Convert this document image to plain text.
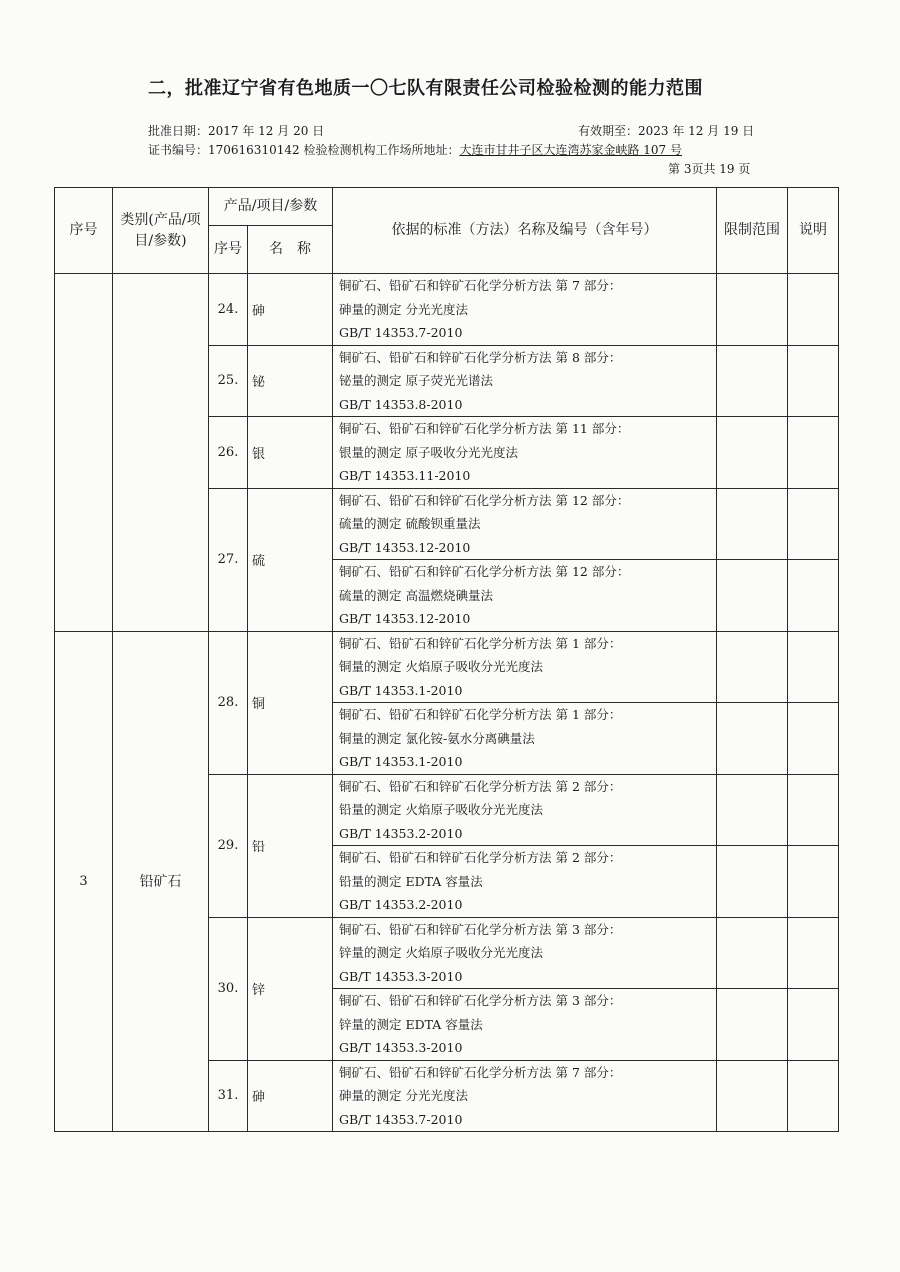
二，批准辽宁省有色地质一〇七队有限责任公司检验检测的能力范围
批准日期：2017 年 12 月 20 日	有效期至：2023 年 12 月 19 日
证书编号：170616310142 检验检测机构工作场所地址：大连市甘井子区大连湾苏家金峡路 107 号
第 3页共 19 页
序号	类别(产品/项目/参数)	产品/项目/参数		依据的标准（方法）名称及编号（含年号）	限制范围	说明
		序号	名　称			
		24.	砷	铜矿石、铅矿石和锌矿石化学分析方法 第 7 部分：
砷量的测定 分光光度法
GB/T 14353.7-2010		

		25.	铋	铜矿石、铅矿石和锌矿石化学分析方法 第 8 部分：
铋量的测定 原子荧光光谱法
GB/T 14353.8-2010		

		26.	银	铜矿石、铅矿石和锌矿石化学分析方法 第 11 部分：
银量的测定 原子吸收分光光度法
GB/T 14353.11-2010		

		27.	硫	铜矿石、铅矿石和锌矿石化学分析方法 第 12 部分：
硫量的测定 硫酸钡重量法
GB/T 14353.12-2010		

				铜矿石、铅矿石和锌矿石化学分析方法 第 12 部分：
硫量的测定 高温燃烧碘量法
GB/T 14353.12-2010		

3	铅矿石	28.	铜	铜矿石、铅矿石和锌矿石化学分析方法 第 1 部分：
铜量的测定 火焰原子吸收分光光度法
GB/T 14353.1-2010		

				铜矿石、铅矿石和锌矿石化学分析方法 第 1 部分：
铜量的测定 氯化铵-氨水分离碘量法
GB/T 14353.1-2010		

		29.	铅	铜矿石、铅矿石和锌矿石化学分析方法 第 2 部分：
铅量的测定 火焰原子吸收分光光度法
GB/T 14353.2-2010		

				铜矿石、铅矿石和锌矿石化学分析方法 第 2 部分：
铅量的测定 EDTA 容量法
GB/T 14353.2-2010		

		30.	锌	铜矿石、铅矿石和锌矿石化学分析方法 第 3 部分：
锌量的测定 火焰原子吸收分光光度法
GB/T 14353.3-2010		

				铜矿石、铅矿石和锌矿石化学分析方法 第 3 部分：
锌量的测定 EDTA 容量法
GB/T 14353.3-2010		

		31.	砷	铜矿石、铅矿石和锌矿石化学分析方法 第 7 部分：
砷量的测定 分光光度法
GB/T 14353.7-2010		
